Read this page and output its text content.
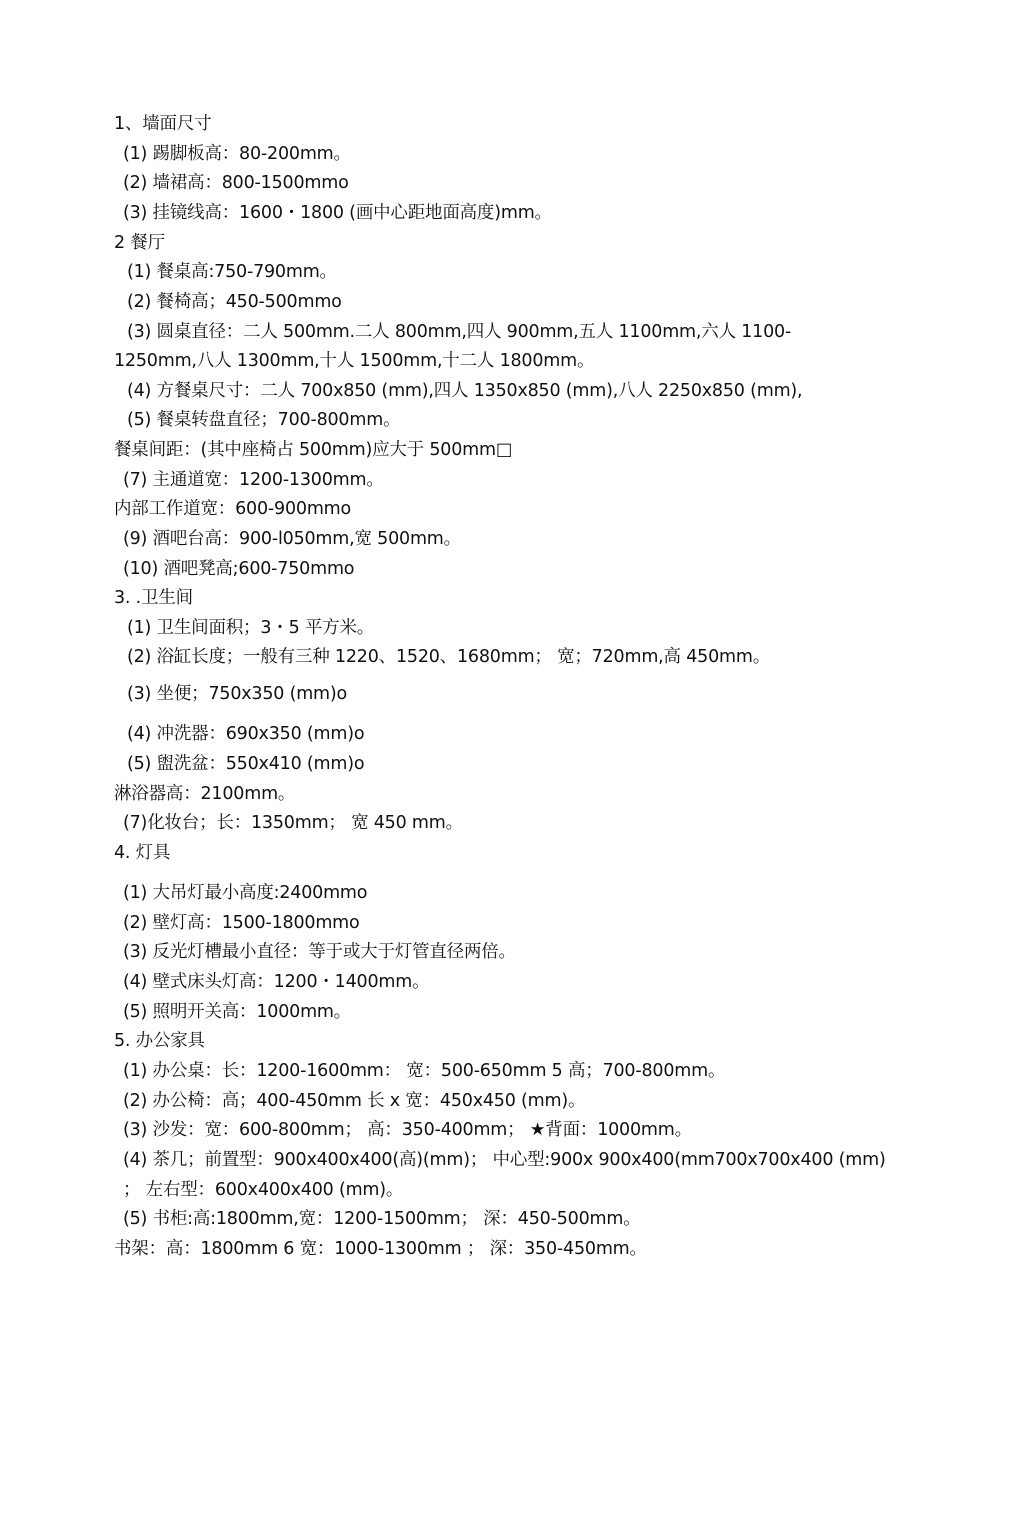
1、墙面尺寸
(1) 踢脚板高：80-200mm。
(2) 墙裙高：800-1500mmo
(3) 挂镜线高：1600・1800 (画中心距地面高度)mm。
2 餐厅
(1) 餐桌高:750-790mm。
(2) 餐椅高；450-500mmo
(3) 圆桌直径：二人 500mm.二人 800mm,四人 900mm,五人 1100mm,六人 1100-
1250mm,八人 1300mm,十人 1500mm,十二人 1800mm。
(4) 方餐桌尺寸：二人 700x850 (mm),四人 1350x850 (mm),八人 2250x850 (mm),
(5) 餐桌转盘直径；700-800mm。
餐桌间距：(其中座椅占 500mm)应大于 500mm□
(7) 主通道宽：1200-1300mm。
内部工作道宽：600-900mmo
(9) 酒吧台高：900-l050mm,宽 500mm。
(10) 酒吧凳高;600-750mmo
3. .卫生间
(1) 卫生间面积；3・5 平方米。
(2) 浴缸长度；一般有三种 1220、1520、1680mm； 宽；720mm,高 450mm。
(3) 坐便；750x350 (mm)o
(4) 冲洗器：690x350 (mm)o
(5) 盥洗盆：550x410 (mm)o
淋浴器高：2100mm。
(7)化妆台；长：1350mm； 宽 450 mm。
4. 灯具
(1) 大吊灯最小高度:2400mmo
(2) 壁灯高：1500-1800mmo
(3) 反光灯槽最小直径：等于或大于灯管直径两倍。
(4) 壁式床头灯高：1200・1400mm。
(5) 照明开关高：1000mm。
5. 办公家具
(1) 办公桌：长：1200-1600mm： 宽：500-650mm 5 高；700-800mm。
(2) 办公椅：高；400-450mm 长 x 宽：450x450 (mm)。
(3) 沙发：宽：600-800mm； 高：350-400mm； ★背面：1000mm。
(4) 茶几；前置型：900x400x400(高)(mm)； 中心型:900x 900x400(mm700x700x400 (mm)
； 左右型：600x400x400 (mm)。
(5) 书柜:高:1800mm,宽：1200-1500mm； 深：450-500mm。
书架：高：1800mm 6 宽：1000-1300mm ； 深：350-450mm。
